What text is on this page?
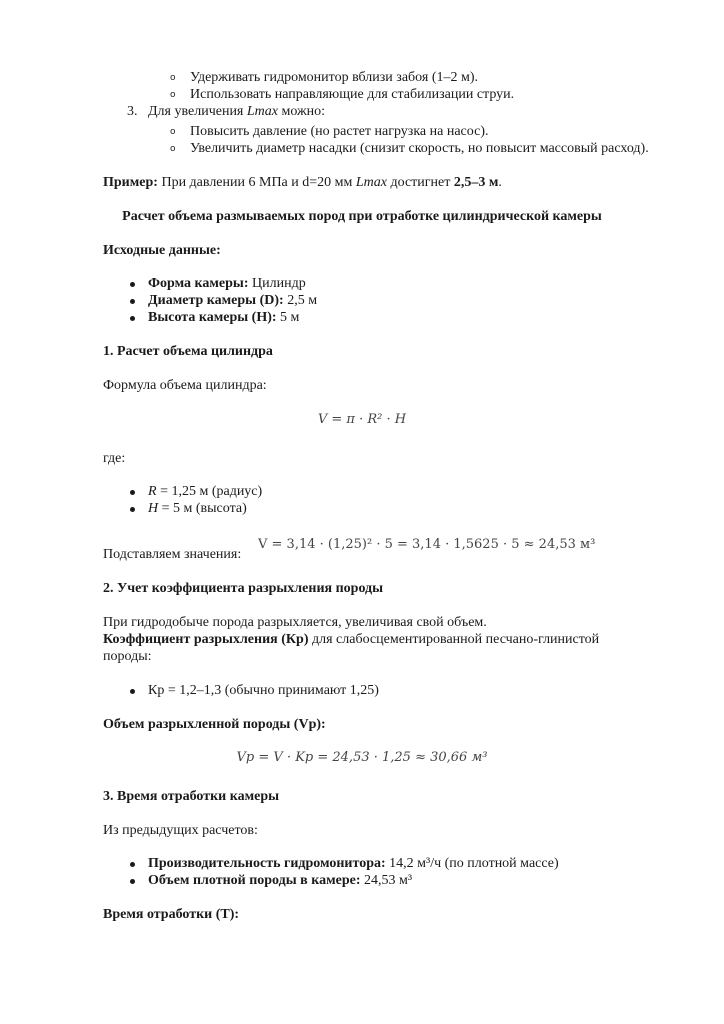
o Удерживать гидромонитор вблизи забоя (1–2 м).
o Использовать направляющие для стабилизации струи.
3. Для увеличения Lmax можно:
o Повысить давление (но растет нагрузка на насос).
o Увеличить диаметр насадки (снизит скорость, но повысит массовый расход).
Пример: При давлении 6 МПа и d=20 мм Lmax достигнет 2,5–3 м.
Расчет объема размываемых пород при отработке цилиндрической камеры
Исходные данные:
Форма камеры: Цилиндр
Диаметр камеры (D): 2,5 м
Высота камеры (H): 5 м
1. Расчет объема цилиндра
Формула объема цилиндра:
V = π · R² · H
где:
R = 1,25 м (радиус)
H = 5 м (высота)
Подставляем значения:
V = 3,14 · (1,25)² · 5 = 3,14 · 1,5625 · 5 ≈ 24,53 м³
2. Учет коэффициента разрыхления породы
При гидродобыче порода разрыхляется, увеличивая свой объем.
Коэффициент разрыхления (Кр) для слабосцементированной песчано-глинистой
породы:
Кр = 1,2–1,3 (обычно принимают 1,25)
Объем разрыхленной породы (Vp):
Vp = V · Kp = 24,53 · 1,25 ≈ 30,66 м³
3. Время отработки камеры
Из предыдущих расчетов:
Производительность гидромонитора: 14,2 м³/ч (по плотной массе)
Объем плотной породы в камере: 24,53 м³
Время отработки (T):
